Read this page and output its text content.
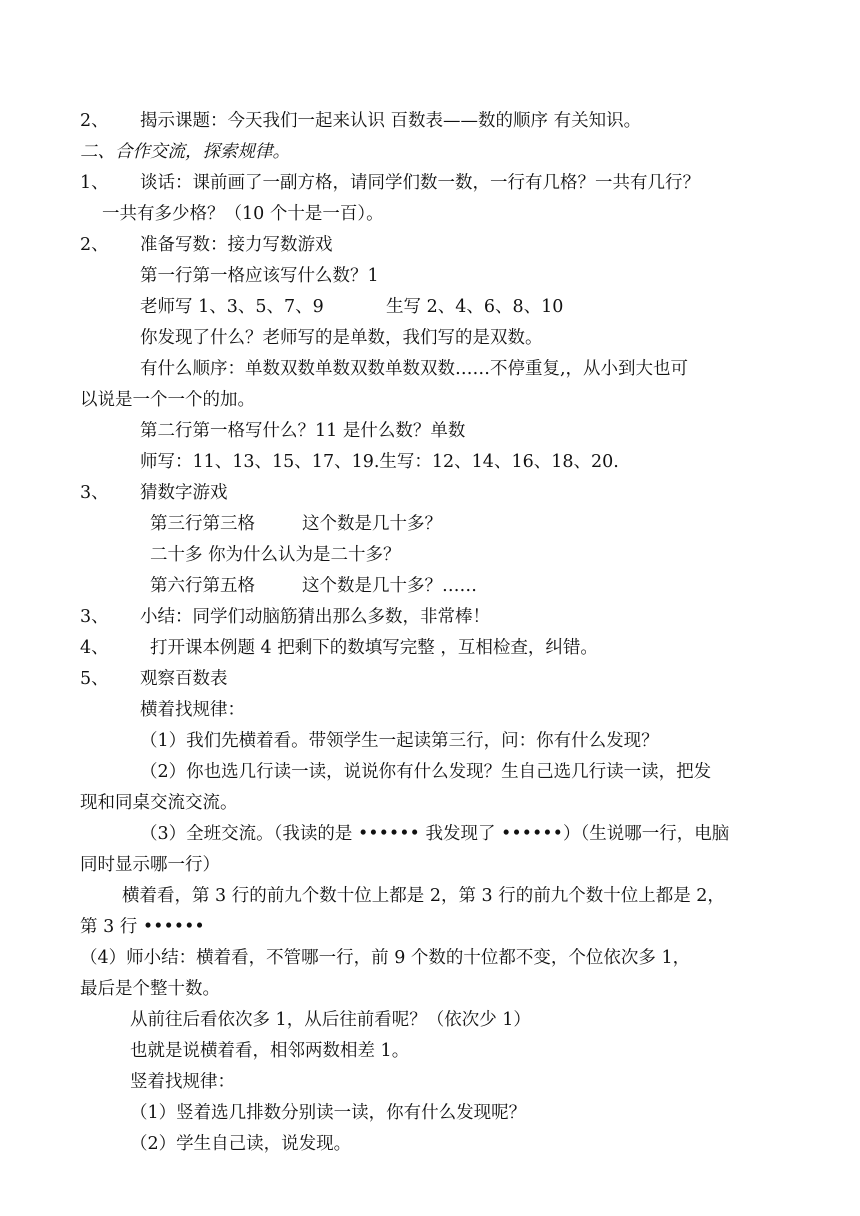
2、 揭示课题：今天我们一起来认识 百数表——数的顺序 有关知识。
二、合作交流，探索规律。
1、 谈话：课前画了一副方格，请同学们数一数，一行有几格？一共有几行？
一共有多少格？（10 个十是一百）。
2、 准备写数：接力写数游戏
第一行第一格应该写什么数？1
老师写 1、3、5、7、9	生写 2、4、6、8、10
你发现了什么？老师写的是单数，我们写的是双数。
有什么顺序：单数双数单数双数单数双数……不停重复,，从小到大也可
以说是一个一个的加。
第二行第一格写什么？11 是什么数？单数
师写：11、13、15、17、19.生写：12、14、16、18、20.
3、 猜数字游戏
第三行第三格	这个数是几十多？
二十多 你为什么认为是二十多？
第六行第五格	这个数是几十多？……
3、 小结：同学们动脑筋猜出那么多数，非常棒！
4、 打开课本例题 4 把剩下的数填写完整 ，互相检查，纠错。
5、 观察百数表
横着找规律：
（1）我们先横着看。带领学生一起读第三行，问：你有什么发现？
（2）你也选几行读一读，说说你有什么发现？生自己选几行读一读，把发
现和同桌交流交流。
（3）全班交流。（我读的是 •••••• 我发现了 ••••••）（生说哪一行，电脑
同时显示哪一行）
横着看，第 3 行的前九个数十位上都是 2，第 3 行的前九个数十位上都是 2，
第 3 行 ••••••
（4）师小结：横着看，不管哪一行，前 9 个数的十位都不变，个位依次多 1，
最后是个整十数。
从前往后看依次多 1，从后往前看呢？（依次少 1）
也就是说横着看，相邻两数相差 1。
竖着找规律：
（1）竖着选几排数分别读一读，你有什么发现呢？
（2）学生自己读，说发现。
